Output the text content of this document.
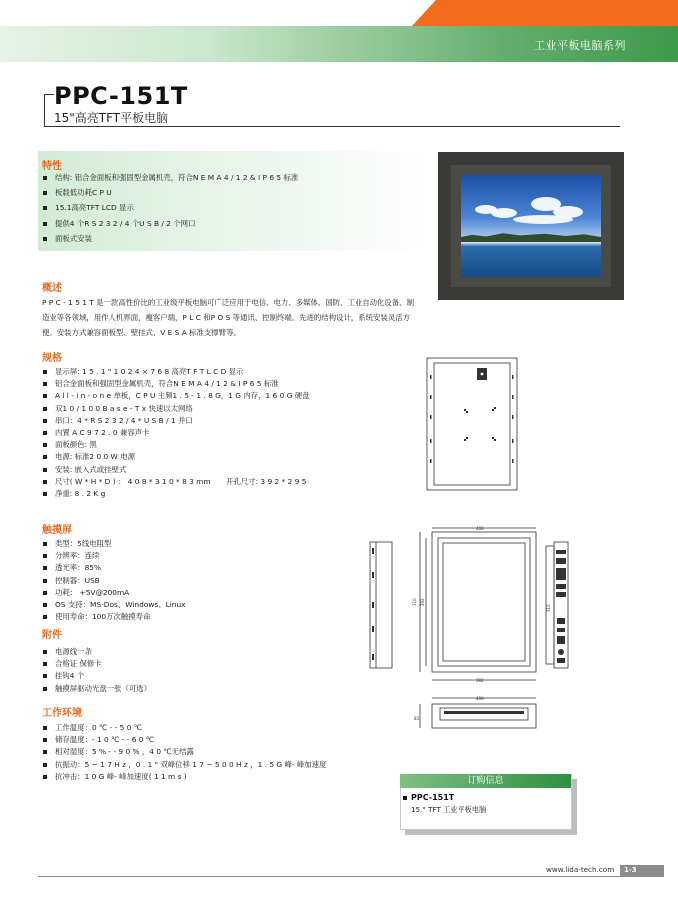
工业平板电脑系列
PPC-151T
15"高亮TFT平板电脑
特性
结构: 铝合金面板和强固型金属机壳，符合N E M A 4 / 1 2 & I P 6 5 标准
板载低功耗C P U
15.1高亮TFT LCD 显示
提供4 个R S 2 3 2 / 4 个U S B / 2 个网口
面板式安装
概述
P P C - 1 5 1 T 是一款高性价比的工业级平板电脑可广泛应用于电信、电力、多媒体、国防、工业自动化设备、制造业等各领域，用作人机界面，瘦客户端，P L C 和P O S 等通讯、控制终端。先进的结构设计，系统安装灵活方便。安装方式兼容面板型、壁挂式、V E S A 标准支撑臂等。
规格
显示屏: 1 5 . 1 " 1 0 2 4 × 7 6 8 高亮T F T L C D 显示
铝合金面板和强固型金属机壳，符合N E M A 4 / 1 2 & I P 6 5 标准
A l l - i n - o n e 单板，C P U 主频1 . 5 - 1 . 8 G，1 G 内存，1 6 0 G 硬盘
双1 0 / 1 0 0 B a s e - T x 快速以太网络
串口：4 * R S 2 3 2 / 4 * U S B / 1 并口
内置 A C 9 7 2 . 0 兼容声卡
面板颜色: 黑
电源: 标准2 0 0 W 电源
安装: 嵌入式或挂壁式
尺寸( W * H * D ) ： 4 0 8 * 3 1 0 * 8 3 mm
净重: 8 . 2 K g
开孔尺寸: 3 9 2 * 2 9 5
触摸屏
类型：5线电阻型
分辨率：连续
透光率：85%
控制器：USB
功耗： +5V@200mA
OS 支持：MS-Dos、Windows、Linux
使用寿命：100万次触摸寿命
附件
电源线一条
合格证 保修卡
挂钩4 个
触摸屏驱动光盘一张（可选）
工作环境
工作温度：0 ℃ - - 5 0 ℃
储存温度：- 1 0 ℃ - - 6 0 ℃
相对湿度：5 % - - 9 0 % ，4 0 ℃无结露
抗振动：5 ~ 1 7 H z ，0 . 1 " 双峰位移 1 7 ~ 5 0 0 H z ，1 . 5 G 峰- 峰加速度
抗冲击：1 0 G 峰- 峰加速度( 1 1 m s )
408
310 392
392
310
408
83
订购信息
PPC-151T
15." TFT 工业平板电脑
www.lida-tech.com	1-3
